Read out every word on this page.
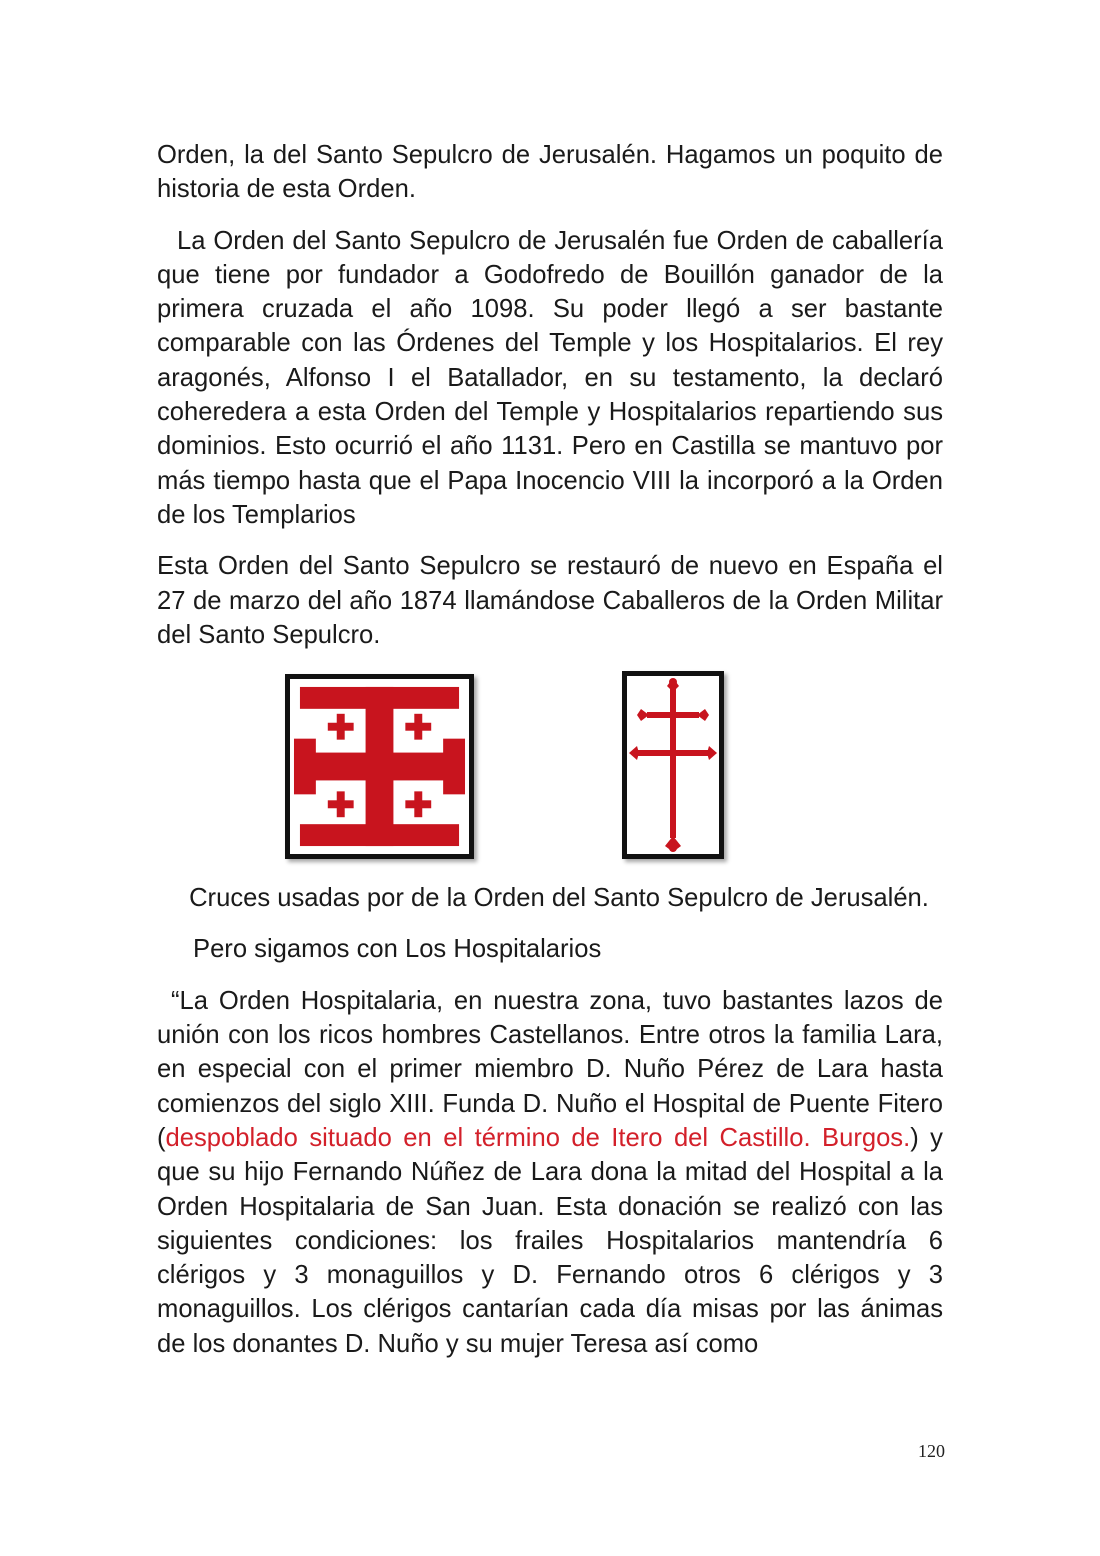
Orden, la del Santo Sepulcro de Jerusalén. Hagamos un poquito de historia de esta Orden.

La Orden del Santo Sepulcro de Jerusalén fue Orden de caballería que tiene por fundador a Godofredo de Bouillón ganador de la primera cruzada el año 1098. Su poder llegó a ser bastante comparable con las Órdenes del Temple y los Hospitalarios. El rey aragonés, Alfonso I el Batallador, en su testamento, la declaró coheredera a esta Orden del Temple y Hospitalarios repartiendo sus dominios. Esto ocurrió el año 1131. Pero en Castilla se mantuvo por más tiempo hasta que el Papa Inocencio VIII la incorporó a la Orden de los Templarios

Esta Orden del Santo Sepulcro se restauró de nuevo en España el 27 de marzo del año 1874 llamándose Caballeros de la Orden Militar del Santo Sepulcro.

Cruces usadas por de la Orden del Santo Sepulcro de Jerusalén.

Pero sigamos con Los Hospitalarios

“La Orden Hospitalaria, en nuestra zona, tuvo bastantes lazos de unión con los ricos hombres Castellanos. Entre otros la familia Lara, en especial con el primer miembro D. Nuño Pérez de Lara hasta comienzos del siglo XIII. Funda D. Nuño el Hospital de Puente Fitero (despoblado situado en el término de Itero del Castillo. Burgos.) y que su hijo Fernando Núñez de Lara dona la mitad del Hospital a la Orden Hospitalaria de San Juan. Esta donación se realizó con las siguientes condiciones: los frailes Hospitalarios mantendría 6 clérigos y 3 monaguillos y D. Fernando otros 6 clérigos y 3 monaguillos. Los clérigos cantarían cada día misas por las ánimas de los donantes D. Nuño y su mujer Teresa así como

120
